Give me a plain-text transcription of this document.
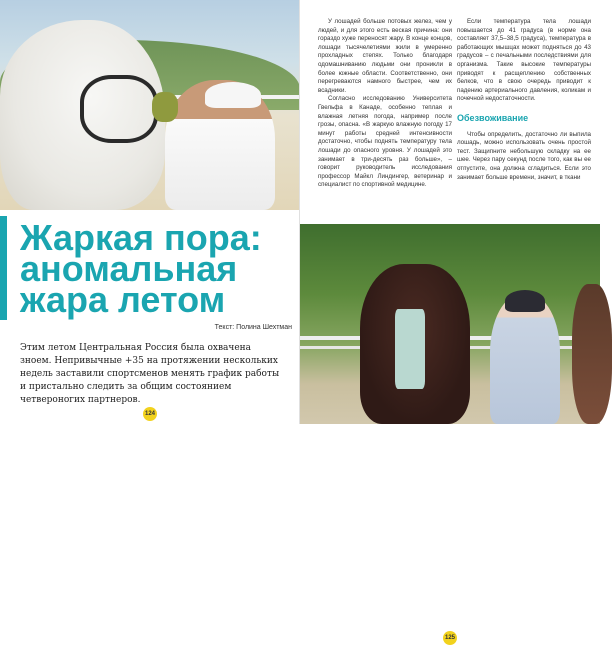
Жаркая пора:
аномальная
жара летом
Текст: Полина Шехтман

Этим летом Центральная Россия была охвачена зноем. Непривычные +35 на протяжении нескольких недель заставили спортсменов менять график работы и пристально следить за общим состоянием четвероногих партнеров.

124

У лошадей больше потовых желез, чем у людей, и для этого есть веская причина: они гораздо хуже переносят жару. В конце концов, лошади тысячелетиями жили в умеренно прохладных степях. Только благодаря одомашниванию людьми они проникли в более южные области. Соответственно, они перегреваются намного быстрее, чем их всадники.

Согласно исследованию Университета Гвельфа в Канаде, особенно теплая и влажная летняя погода, например после грозы, опасна. «В жаркую влажную погоду 17 минут работы средней интенсивности достаточно, чтобы поднять температуру тела лошади до опасного уровня. У лошадей это занимает в три-десять раз больше», – говорит руководитель исследования профессор Майкл Линдингер, ветеринар и специалист по спортивной медицине.

Если температура тела лошади повышается до 41 градуса (в норме она составляет 37,5–38,5 градуса), температура в работающих мышцах может подняться до 43 градусов – с печальными последствиями для организма. Такие высокие температуры приводят к расщеплению собственных белков, что в свою очередь приводит к падению артериального давления, коликам и почечной недостаточности.

Обезвоживание

Чтобы определить, достаточно ли выпила лошадь, можно использовать очень простой тест. Защипните небольшую складку на ее шее. Через пару секунд после того, как вы ее отпустите, она должна сгладиться. Если это занимает больше времени, значит, в ткани

125
